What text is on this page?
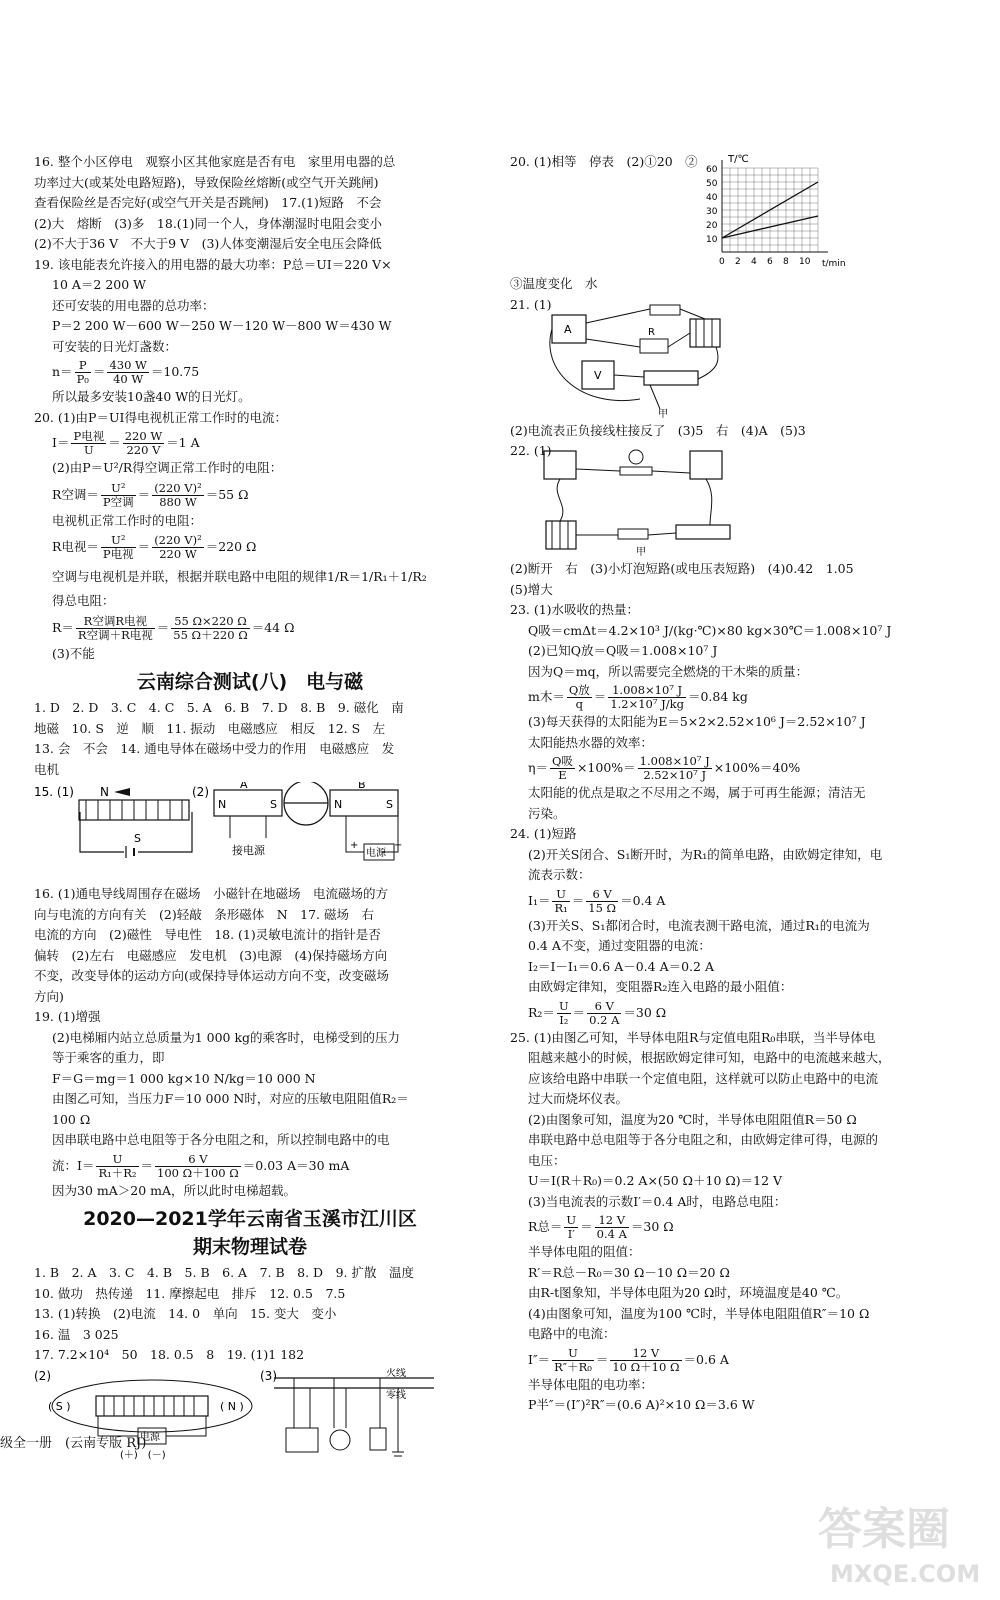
16. 整个小区停电　观察小区其他家庭是否有电　家里用电器的总
功率过大(或某处电路短路)，导致保险丝熔断(或空气开关跳闸)
查看保险丝是否完好(或空气开关是否跳闸)　17.(1)短路　不会
(2)大　熔断　(3)多　18.(1)同一个人，身体潮湿时电阻会变小
(2)不大于36 V　不大于9 V　(3)人体变潮湿后安全电压会降低
19. 该电能表允许接入的用电器的最大功率：P总＝UI＝220 V×
10 A＝2 200 W
还可安装的用电器的总功率：
P＝2 200 W－600 W－250 W－120 W－800 W＝430 W
可安装的日光灯盏数：
$n= \frac{P}{\text{P₀}} = \frac{430 W}{40 W} =10.75$
所以最多安装10盏40 W的日光灯。
20. (1)由P＝UI得电视机正常工作时的电流：
$I= \frac{\text{P电视}}{U} = \frac{220 W}{220 V} =1$ A
(2)由P＝U²/R得空调正常工作时的电阻：
R空调＝ $\frac{\text{U²}}{\text{P空调}} = \frac{\text{(220 V)²}}{880 W} =55$ Ω
电视机正常工作时的电阻：
R电视＝ $\frac{\text{U²}}{\text{P电视}} = \frac{\text{(220 V)²}}{220 W} =220$ Ω
空调与电视机是并联，根据并联电路中电阻的规律1/R＝1/R₁＋1/R₂
得总电阻：
$R= \frac{\text{R空调R电视}}{\text{R空调＋R电视}} = \frac{55 \Omega\times 220 \Omega}{55 \Omega+220 \Omega} =44$ Ω
(3)不能
云南综合测试(八)　电与磁
1. D　2. D　3. C　4. C　5. A　6. B　7. D　8. B　9. 磁化　南
地磁　10. S　逆　顺　11. 振动　电磁感应　相反　12. S　左
13. 会　不会　14. 通电导体在磁场中受力的作用　电磁感应　发
电机
15. (1) N
S
(2)
N	S
A
N	S
B
接电源	电源
+	−
16. (1)通电导线周围存在磁场　小磁针在地磁场　电流磁场的方
向与电流的方向有关　(2)轻敲　条形磁体　N　17. 磁场　右
电流的方向　(2)磁性　导电性　18. (1)灵敏电流计的指针是否
偏转　(2)左右　电磁感应　发电机　(3)电源　(4)保持磁场方向
不变，改变导体的运动方向(或保持导体运动方向不变，改变磁场
方向)
19. (1)增强
(2)电梯厢内站立总质量为1 000 kg的乘客时，电梯受到的压力
等于乘客的重力，即
F＝G＝mg＝1 000 kg×10 N/kg＝10 000 N
由图乙可知，当压力F＝10 000 N时，对应的压敏电阻阻值R₂＝
100 Ω
因串联电路中总电阻等于各分电阻之和，所以控制电路中的电
流：$I= \frac{U}{\text{R₁＋R₂}} = \frac{6 V}{100 \Omega+100 \Omega} =0.03$ A＝30 mA
因为30 mA＞20 mA，所以此时电梯超载。
2020—2021学年云南省玉溪市江川区
期末物理试卷
1. B　2. A　3. C　4. B　5. B　6. A　7. B　8. D　9. 扩散　温度
10. 做功　热传递　11. 摩擦起电　排斥　12. 0.5　7.5
13. (1)转换　(2)电流　14. 0　单向　15. 变大　变小
16. 温　3 025
17. 7.2×10⁴　50　18. 0.5　8　19. (1)1 182
(2)
( S )	( N )
电源
(＋)　(－)
(3)	火线
零线
20. (1)相等　停表　(2)①20　②
60
50
40
30
20
10
0 2 4 6 8 10
T/℃
t/min
③温度变化　水
21. (1)
A	R
V
甲
(2)电流表正负接线柱接反了　(3)5　右　(4)A　(5)3
22. (1)
甲
(2)断开　右　(3)小灯泡短路(或电压表短路)　(4)0.42　1.05
(5)增大
23. (1)水吸收的热量：
Q吸＝cmΔt＝4.2×10³ J/(kg·℃)×80 kg×30℃＝1.008×10⁷ J
(2)已知Q放＝Q吸＝1.008×10⁷ J
因为Q＝mq，所以需要完全燃烧的干木柴的质量：
m木＝ $\frac{\text{Q放}}{q} = \frac{\text{1.008×10⁷ J}}{\text{1.2×10⁷ J/kg}} =0.84$ kg
(3)每天获得的太阳能为E＝5×2×2.52×10⁶ J＝2.52×10⁷ J
太阳能热水器的效率：
$\eta= \frac{\text{Q吸}}{E} \times 100\%= \frac{\text{1.008×10⁷ J}}{\text{2.52×10⁷ J}} \times 100\%=40\%$
太阳能的优点是取之不尽用之不竭，属于可再生能源；清洁无
污染。
24. (1)短路
(2)开关S闭合、S₁断开时，为R₁的简单电路，由欧姆定律知，电
流表示数：
$I_1= \frac{U}{\text{R₁}} = \frac{6 V}{15 \Omega} =0.4$ A
(3)开关S、S₁都闭合时，电流表测干路电流，通过R₁的电流为
0.4 A不变，通过变阻器的电流：
I₂＝I－I₁＝0.6 A－0.4 A＝0.2 A
由欧姆定律知，变阻器R₂连入电路的最小阻值：
$R_2= \frac{U}{\text{I₂}} = \frac{6 V}{0.2 A} =30$ Ω
25. (1)由图乙可知，半导体电阻R与定值电阻R₀串联，当半导体电
阻越来越小的时候，根据欧姆定律可知，电路中的电流越来越大，
应该给电路中串联一个定值电阻，这样就可以防止电路中的电流
过大而烧坏仪表。
(2)由图象可知，温度为20 ℃时，半导体电阻阻值R＝50 Ω
串联电路中总电阻等于各分电阻之和，由欧姆定律可得，电源的
电压：
U＝I(R＋R₀)＝0.2 A×(50 Ω＋10 Ω)＝12 V
(3)当电流表的示数I′＝0.4 A时，电路总电阻：
R总＝ $\frac{U}{I'} = \frac{12 V}{0.4 A} =30$ Ω
半导体电阻的阻值：
R′＝R总－R₀＝30 Ω－10 Ω＝20 Ω
由R-t图象知，半导体电阻为20 Ω时，环境温度是40 ℃。
(4)由图象可知，温度为100 ℃时，半导体电阻阻值R″＝10 Ω
电路中的电流：
$I''= \frac{U}{\text{R″＋R₀}} = \frac{12 V}{10 \Omega+10 \Omega} =0.6$ A
半导体电阻的电功率：
P半″＝(I″)²R″＝(0.6 A)²×10 Ω＝3.6 W
级全一册　(云南专版 RJ)
答案圈
MXQE.COM
